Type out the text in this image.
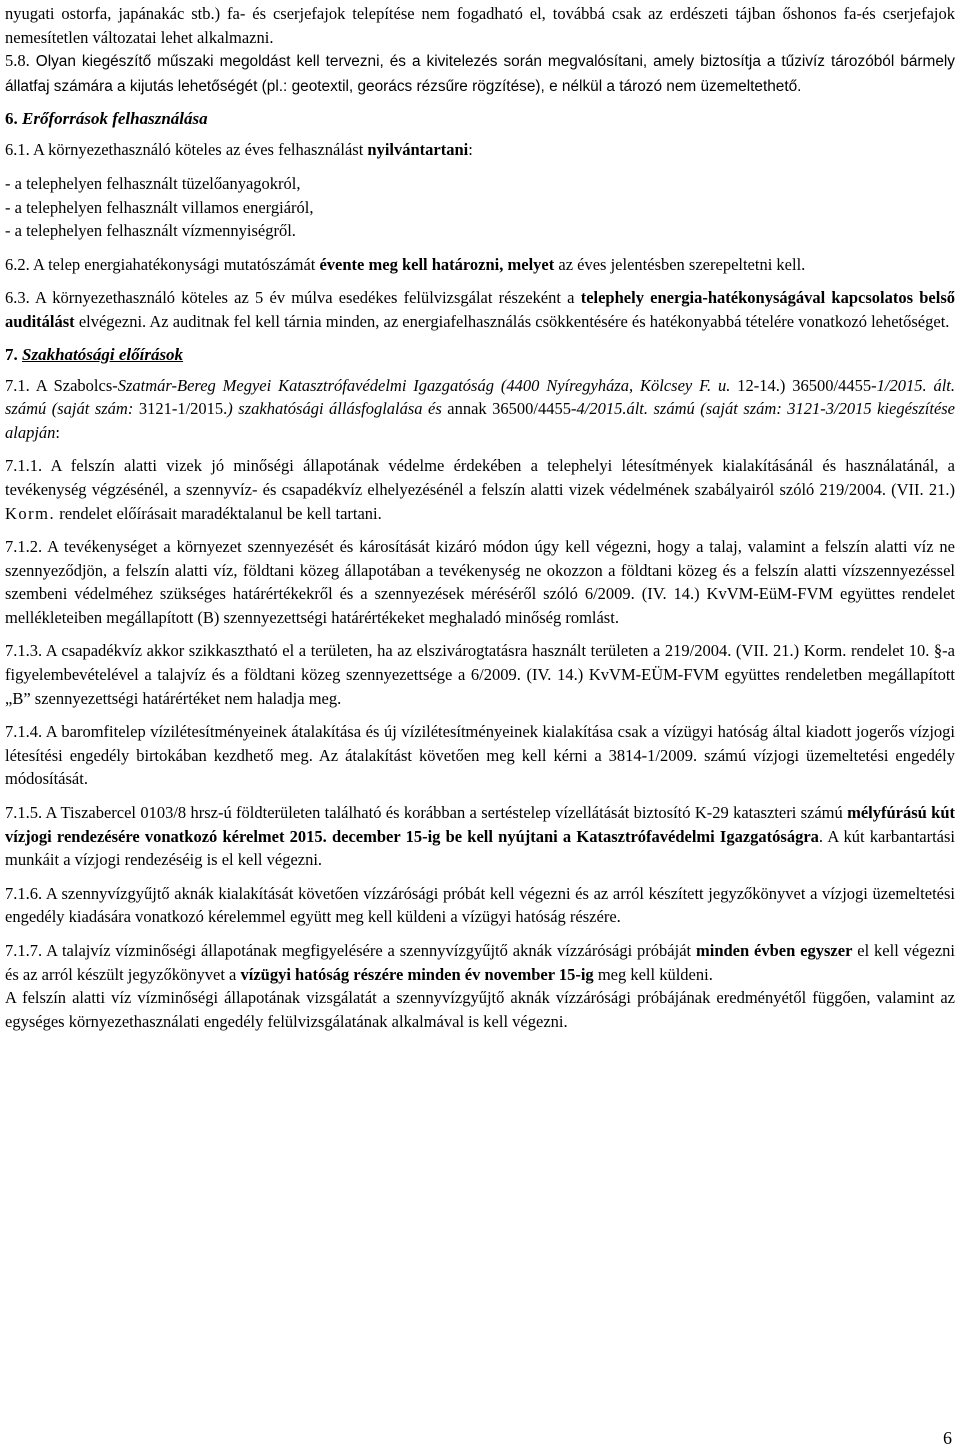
nyugati ostorfa, japánakác stb.) fa- és cserjefajok telepítése nem fogadható el, továbbá csak az erdészeti tájban őshonos fa-és cserjefajok nemesítetlen változatai lehet alkalmazni.

5.8. Olyan kiegészítő műszaki megoldást kell tervezni, és a kivitelezés során megvalósítani, amely biztosítja a tűzivíz tározóból bármely állatfaj számára a kijutás lehetőségét (pl.: geotextil, georács rézsűre rögzítése), e nélkül a tározó nem üzemeltethető.

6. Erőforrások felhasználása

6.1. A környezethasználó köteles az éves felhasználást nyilvántartani:

- a telephelyen felhasznált tüzelőanyagokról,

- a telephelyen felhasznált villamos energiáról,

- a telephelyen felhasznált vízmennyiségről.

6.2. A telep energiahatékonysági mutatószámát évente meg kell határozni, melyet az éves jelentésben szerepeltetni kell.

6.3. A környezethasználó köteles az 5 év múlva esedékes felülvizsgálat részeként a telephely energia-hatékonyságával kapcsolatos belső auditálást elvégezni. Az auditnak fel kell tárnia minden, az energiafelhasználás csökkentésére és hatékonyabbá tételére vonatkozó lehetőséget.

7. Szakhatósági előírások

7.1. A Szabolcs-Szatmár-Bereg Megyei Katasztrófavédelmi Igazgatóság (4400 Nyíregyháza, Kölcsey F. u. 12-14.) 36500/4455-1/2015. ált. számú (saját szám: 3121-1/2015.) szakhatósági állásfoglalása és annak 36500/4455-4/2015.ált. számú (saját szám: 3121-3/2015 kiegészítése alapján:

7.1.1. A felszín alatti vizek jó minőségi állapotának védelme érdekében a telephelyi létesítmények kialakításánál és használatánál, a tevékenység végzésénél, a szennyvíz- és csapadékvíz elhelyezésénél a felszín alatti vizek védelmének szabályairól szóló 219/2004. (VII. 21.) Korm. rendelet előírásait maradéktalanul be kell tartani.

7.1.2. A tevékenységet a környezet szennyezését és károsítását kizáró módon úgy kell végezni, hogy a talaj, valamint a felszín alatti víz ne szennyeződjön, a felszín alatti víz, földtani közeg állapotában a tevékenység ne okozzon a földtani közeg és a felszín alatti vízszennyezéssel szembeni védelméhez szükséges határértékekről és a szennyezések méréséről szóló 6/2009. (IV. 14.) KvVM-EüM-FVM együttes rendelet mellékleteiben megállapított (B) szennyezettségi határértékeket meghaladó minőség romlást.

7.1.3. A csapadékvíz akkor szikkasztható el a területen, ha az elszivárogtatásra használt területen a 219/2004. (VII. 21.) Korm. rendelet 10. §-a figyelembevételével a talajvíz és a földtani közeg szennyezettsége a 6/2009. (IV. 14.) KvVM-EÜM-FVM együttes rendeletben megállapított „B” szennyezettségi határértéket nem haladja meg.

7.1.4. A baromfitelep vízilétesítményeinek átalakítása és új vízilétesítményeinek kialakítása csak a vízügyi hatóság által kiadott jogerős vízjogi létesítési engedély birtokában kezdhető meg. Az átalakítást követően meg kell kérni a 3814-1/2009. számú vízjogi üzemeltetési engedély módosítását.

7.1.5. A Tiszabercel 0103/8 hrsz-ú földterületen található és korábban a sertéstelep vízellátását biztosító K-29 kataszteri számú mélyfúrású kút vízjogi rendezésére vonatkozó kérelmet 2015. december 15-ig be kell nyújtani a Katasztrófavédelmi Igazgatóságra. A kút karbantartási munkáit a vízjogi rendezéséig is el kell végezni.

7.1.6. A szennyvízgyűjtő aknák kialakítását követően vízzárósági próbát kell végezni és az arról készített jegyzőkönyvet a vízjogi üzemeltetési engedély kiadására vonatkozó kérelemmel együtt meg kell küldeni a vízügyi hatóság részére.

7.1.7. A talajvíz vízminőségi állapotának megfigyelésére a szennyvízgyűjtő aknák vízzárósági próbáját minden évben egyszer el kell végezni és az arról készült jegyzőkönyvet a vízügyi hatóság részére minden év november 15-ig meg kell küldeni.

A felszín alatti víz vízminőségi állapotának vizsgálatát a szennyvízgyűjtő aknák vízzárósági próbájának eredményétől függően, valamint az egységes környezethasználati engedély felülvizsgálatának alkalmával is kell végezni.

6
